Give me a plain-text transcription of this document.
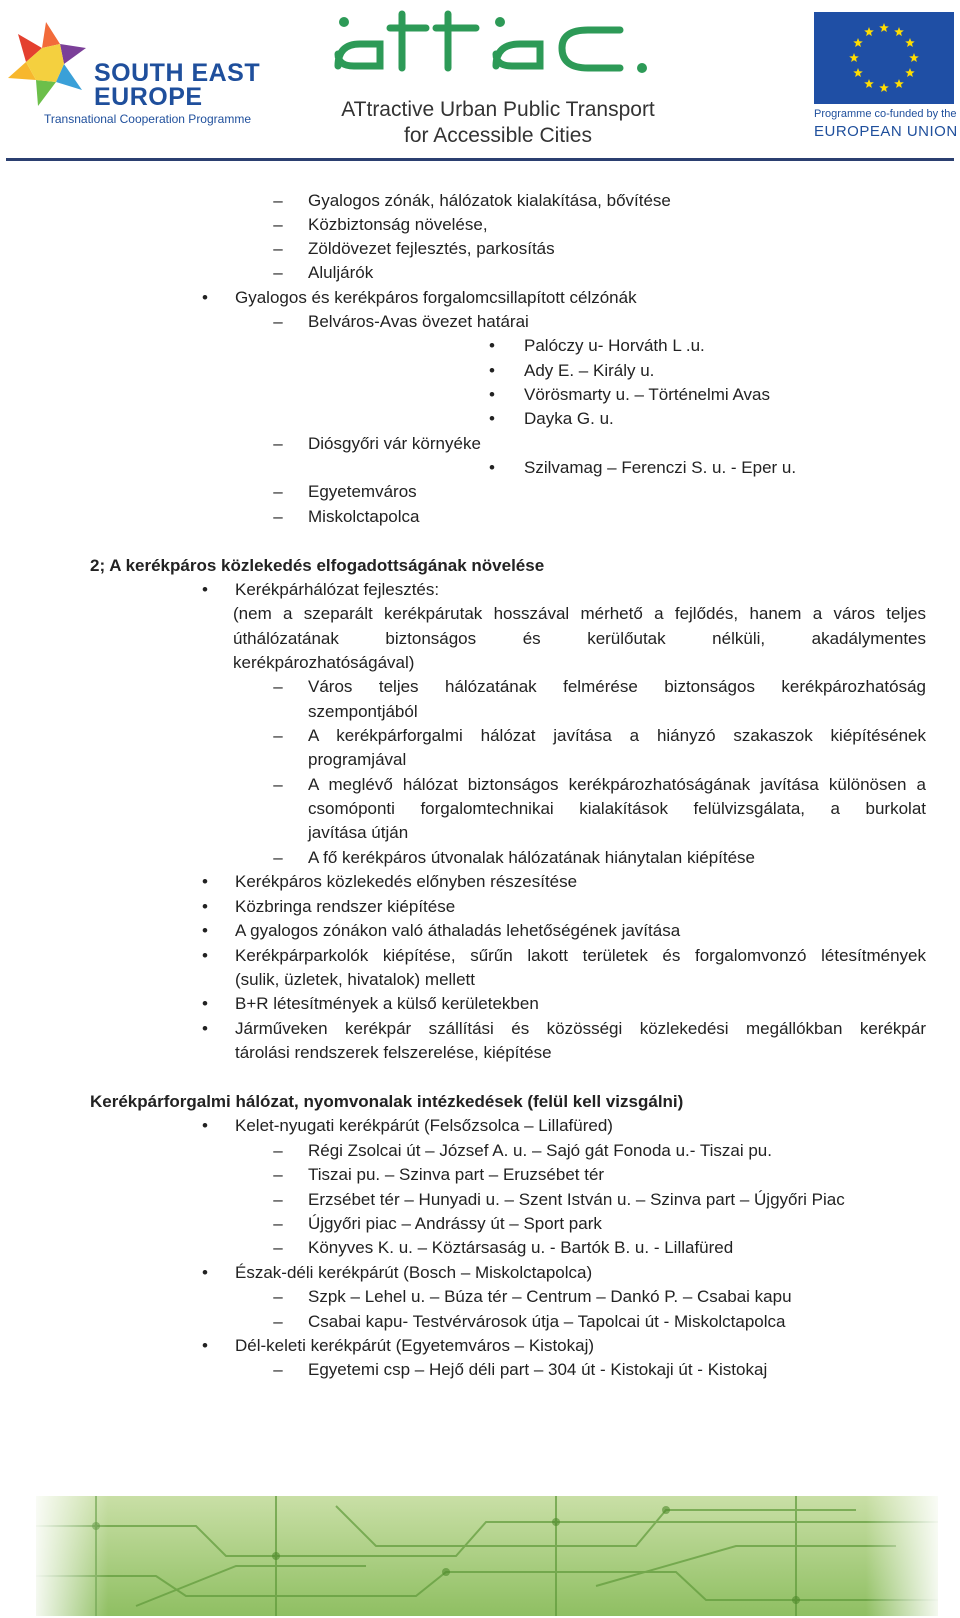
SOUTH EAST
EUROPE
Transnational Cooperation Programme	ATtractive Urban Public Transport
for Accessible Cities
Programme co-funded by the
EUROPEAN UNION
–	Gyalogos zónák, hálózatok kialakítása, bővítése
–	Közbiztonság növelése,
–	Zöldövezet fejlesztés, parkosítás
–	Aluljárók
•	Gyalogos és kerékpáros forgalomcsillapított célzónák
–	Belváros-Avas övezet határai
•	Palóczy u- Horváth L .u.
•	Ady E. – Király u.
•	Vörösmarty u. – Történelmi Avas
•	Dayka G. u.
–	Diósgyőri vár környéke
•	Szilvamag – Ferenczi S. u. - Eper u.
–	Egyetemváros
–	Miskolctapolca
2; A kerékpáros közlekedés elfogadottságának növelése
•	Kerékpárhálózat fejlesztés:
(nem a szeparált kerékpárutak hosszával mérhető a fejlődés, hanem a város teljes
úthálózatának biztonságos és kerülőutak nélküli, akadálymentes
kerékpározhatóságával)
–	Város teljes hálózatának felmérése biztonságos kerékpározhatóság
szempontjából
–	A kerékpárforgalmi hálózat javítása a hiányzó szakaszok kiépítésének
programjával
–	A meglévő hálózat biztonságos kerékpározhatóságának javítása különösen a
csomóponti forgalomtechnikai kialakítások felülvizsgálata, a burkolat
javítása útján
–	A fő kerékpáros útvonalak hálózatának hiánytalan kiépítése
•	Kerékpáros közlekedés előnyben részesítése
•	Közbringa rendszer kiépítése
•	A gyalogos zónákon való áthaladás lehetőségének javítása
•	Kerékpárparkolók kiépítése, sűrűn lakott területek és forgalomvonzó létesítmények
(sulik, üzletek, hivatalok) mellett
•	B+R létesítmények a külső kerületekben
•	Járműveken kerékpár szállítási és közösségi közlekedési megállókban kerékpár
tárolási rendszerek felszerelése, kiépítése
Kerékpárforgalmi hálózat, nyomvonalak intézkedések (felül kell vizsgálni)
•	Kelet-nyugati kerékpárút (Felsőzsolca – Lillafüred)
–	Régi Zsolcai út – József A. u. – Sajó gát Fonoda u.- Tiszai pu.
–	Tiszai pu. – Szinva part – Eruzsébet tér
–	Erzsébet tér – Hunyadi u. – Szent István u. – Szinva part – Újgyőri Piac
–	Újgyőri piac – Andrássy út – Sport park
–	Könyves K. u. – Köztársaság u. - Bartók B. u. - Lillafüred
•	Észak-déli kerékpárút (Bosch – Miskolctapolca)
–	Szpk – Lehel u. – Búza tér – Centrum – Dankó P. – Csabai kapu
–	Csabai kapu- Testvérvárosok útja – Tapolcai út - Miskolctapolca
•	Dél-keleti kerékpárút (Egyetemváros – Kistokaj)
–	Egyetemi csp – Hejő déli part – 304 út - Kistokaji út - Kistokaj
